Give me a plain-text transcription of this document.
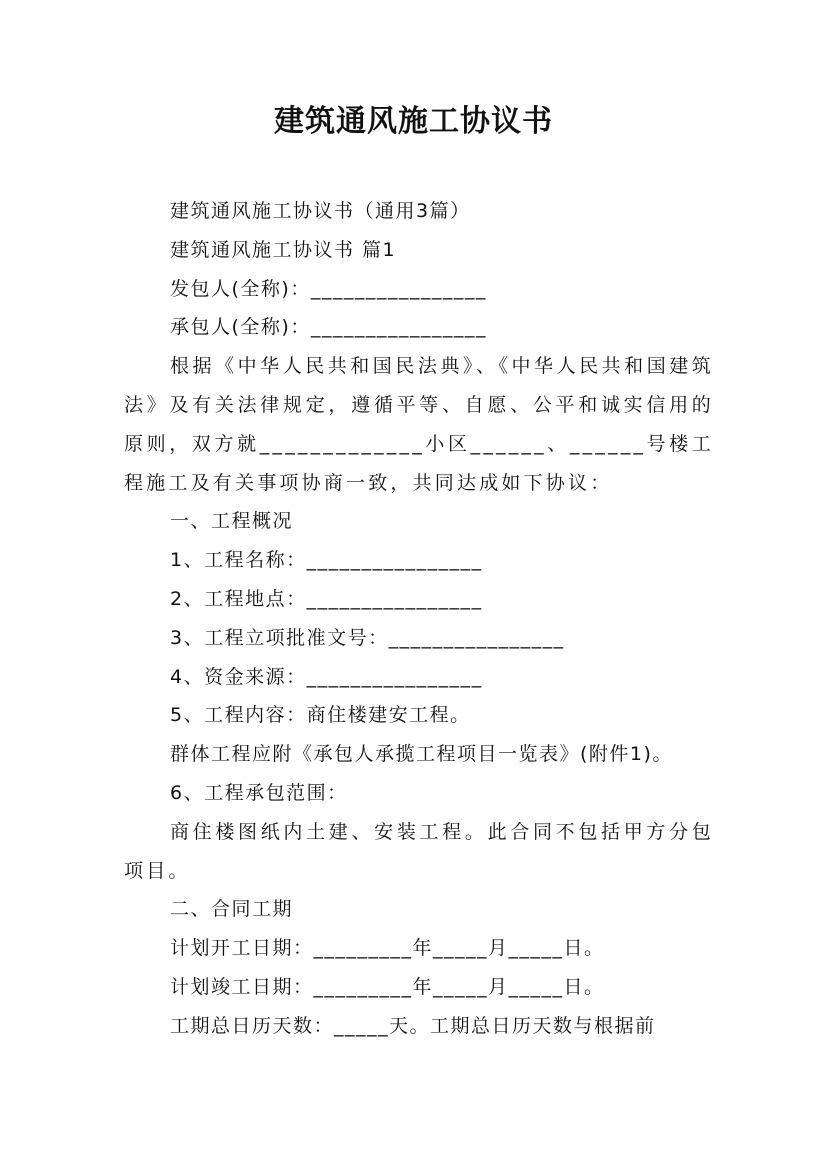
建筑通风施工协议书

建筑通风施工协议书（通用3篇）

建筑通风施工协议书 篇1

发包人(全称)：________________

承包人(全称)：________________

根据《中华人民共和国民法典》、《中华人民共和国建筑法》及有关法律规定，遵循平等、自愿、公平和诚实信用的原则，双方就_____________小区______、______号楼工程施工及有关事项协商一致，共同达成如下协议：

一、工程概况

1、工程名称：________________

2、工程地点：________________

3、工程立项批准文号：________________

4、资金来源：________________

5、工程内容：商住楼建安工程。

群体工程应附《承包人承揽工程项目一览表》(附件1)。

6、工程承包范围：

商住楼图纸内土建、安装工程。此合同不包括甲方分包项目。

二、合同工期

计划开工日期：_________年_____月_____日。

计划竣工日期：_________年_____月_____日。

工期总日历天数：_____天。工期总日历天数与根据前
